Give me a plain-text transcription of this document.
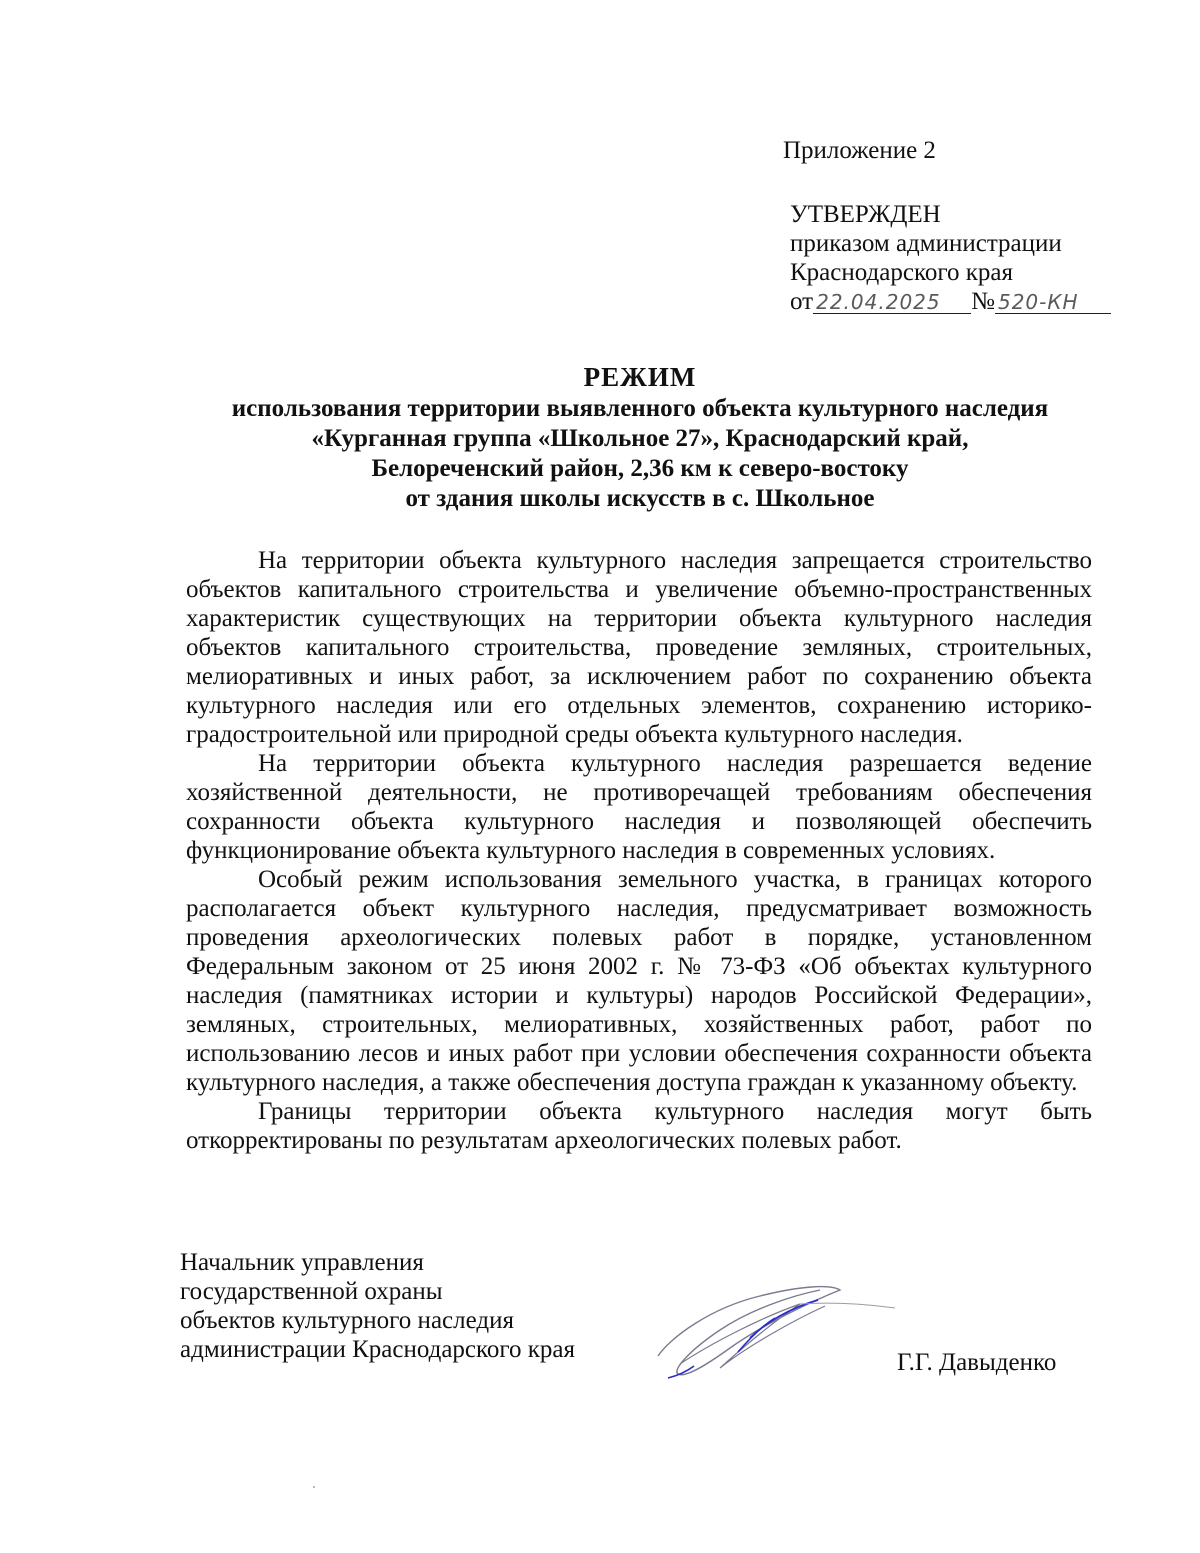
Приложение 2
УТВЕРЖДЕН
приказом администрации
Краснодарского края
от 22.04.2025 № 520-КН
РЕЖИМ
использования территории выявленного объекта культурного наследия
«Курганная группа «Школьное 27», Краснодарский край,
Белореченский район, 2,36 км к северо-востоку
от здания школы искусств в с. Школьное

На территории объекта культурного наследия запрещается строительство объектов капитального строительства и увеличение объемно-пространственных характеристик существующих на территории объекта культурного наследия объектов капитального строительства, проведение земляных, строительных, мелиоративных и иных работ, за исключением работ по сохранению объекта культурного наследия или его отдельных элементов, сохранению историко-градостроительной или природной среды объекта культурного наследия.

На территории объекта культурного наследия разрешается ведение хозяйственной деятельности, не противоречащей требованиям обеспечения сохранности объекта культурного наследия и позволяющей обеспечить функционирование объекта культурного наследия в современных условиях.

Особый режим использования земельного участка, в границах которого располагается объект культурного наследия, предусматривает возможность проведения археологических полевых работ в порядке, установленном Федеральным законом от 25 июня 2002 г. № 73-ФЗ «Об объектах культурного наследия (памятниках истории и культуры) народов Российской Федерации», земляных, строительных, мелиоративных, хозяйственных работ, работ по использованию лесов и иных работ при условии обеспечения сохранности объекта культурного наследия, а также обеспечения доступа граждан к указанному объекту.

Границы территории объекта культурного наследия могут быть откорректированы по результатам археологических полевых работ.

Начальник управления
государственной охраны
объектов культурного наследия
администрации Краснодарского края	Г.Г. Давыденко
